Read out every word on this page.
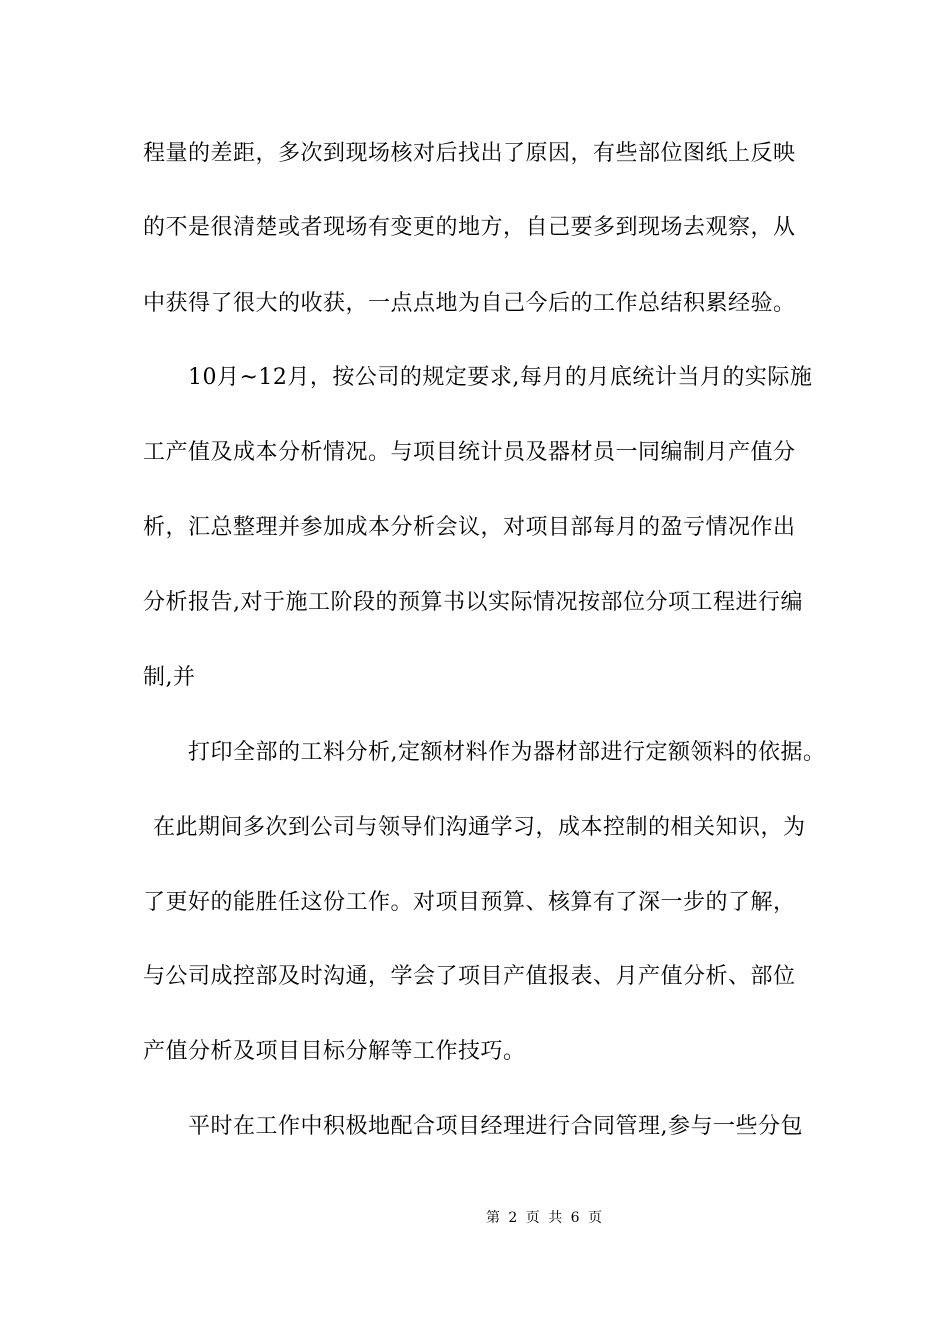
程量的差距，多次到现场核对后找出了原因，有些部位图纸上反映
的不是很清楚或者现场有变更的地方，自己要多到现场去观察，从
中获得了很大的收获，一点点地为自己今后的工作总结积累经验。
10月~12月，按公司的规定要求,每月的月底统计当月的实际施
工产值及成本分析情况。与项目统计员及器材员一同编制月产值分
析，汇总整理并参加成本分析会议，对项目部每月的盈亏情况作出
分析报告,对于施工阶段的预算书以实际情况按部位分项工程进行编
制,并
打印全部的工料分析,定额材料作为器材部进行定额领料的依据。
在此期间多次到公司与领导们沟通学习，成本控制的相关知识，为
了更好的能胜任这份工作。对项目预算、核算有了深一步的了解，
与公司成控部及时沟通，学会了项目产值报表、月产值分析、部位
产值分析及项目目标分解等工作技巧。
平时在工作中积极地配合项目经理进行合同管理,参与一些分包
第 2 页 共 6 页
